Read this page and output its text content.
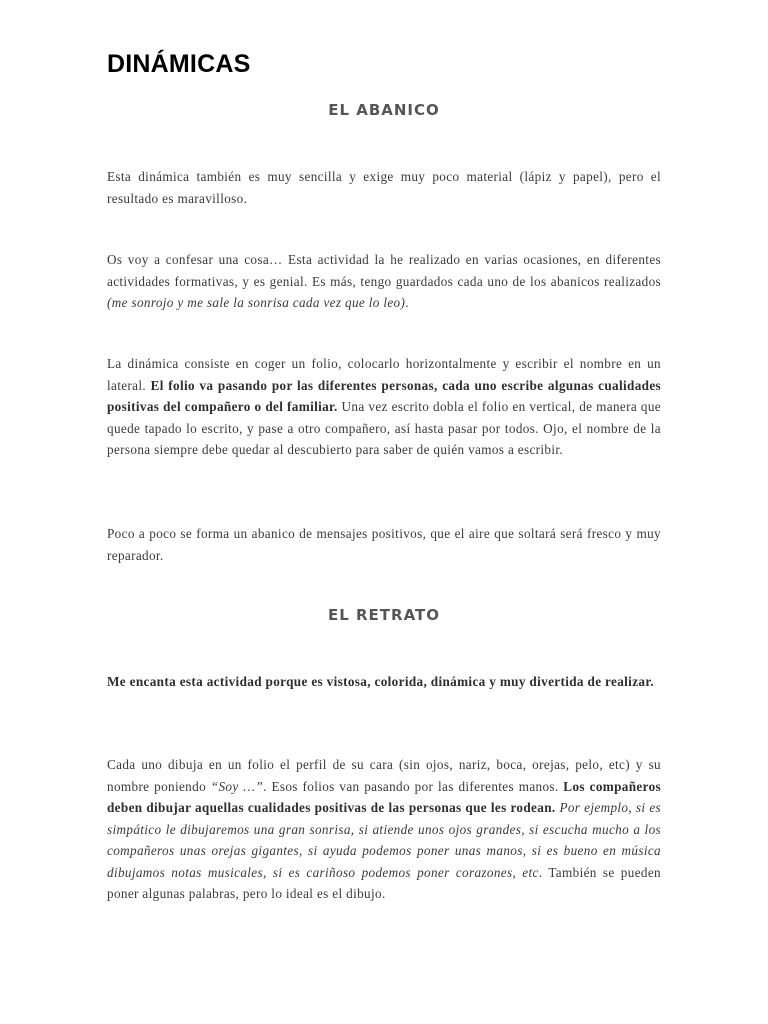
DINÁMICAS
EL ABANICO

Esta dinámica también es muy sencilla y exige muy poco material (lápiz y papel), pero el resultado es maravilloso.

Os voy a confesar una cosa… Esta actividad la he realizado en varias ocasiones, en diferentes actividades formativas, y es genial. Es más, tengo guardados cada uno de los abanicos realizados (me sonrojo y me sale la sonrisa cada vez que lo leo).

La dinámica consiste en coger un folio, colocarlo horizontalmente y escribir el nombre en un lateral. El folio va pasando por las diferentes personas, cada uno escribe algunas cualidades positivas del compañero o del familiar. Una vez escrito dobla el folio en vertical, de manera que quede tapado lo escrito, y pase a otro compañero, así hasta pasar por todos. Ojo, el nombre de la persona siempre debe quedar al descubierto para saber de quién vamos a escribir.

Poco a poco se forma un abanico de mensajes positivos, que el aire que soltará será fresco y muy reparador.

EL RETRATO

Me encanta esta actividad porque es vistosa, colorida, dinámica y muy divertida de realizar.

Cada uno dibuja en un folio el perfil de su cara (sin ojos, nariz, boca, orejas, pelo, etc) y su nombre poniendo “Soy …”. Esos folios van pasando por las diferentes manos. Los compañeros deben dibujar aquellas cualidades positivas de las personas que les rodean. Por ejemplo, si es simpático le dibujaremos una gran sonrisa, si atiende unos ojos grandes, si escucha mucho a los compañeros unas orejas gigantes, si ayuda podemos poner unas manos, si es bueno en música dibujamos notas musicales, si es cariñoso podemos poner corazones, etc. También se pueden poner algunas palabras, pero lo ideal es el dibujo.
